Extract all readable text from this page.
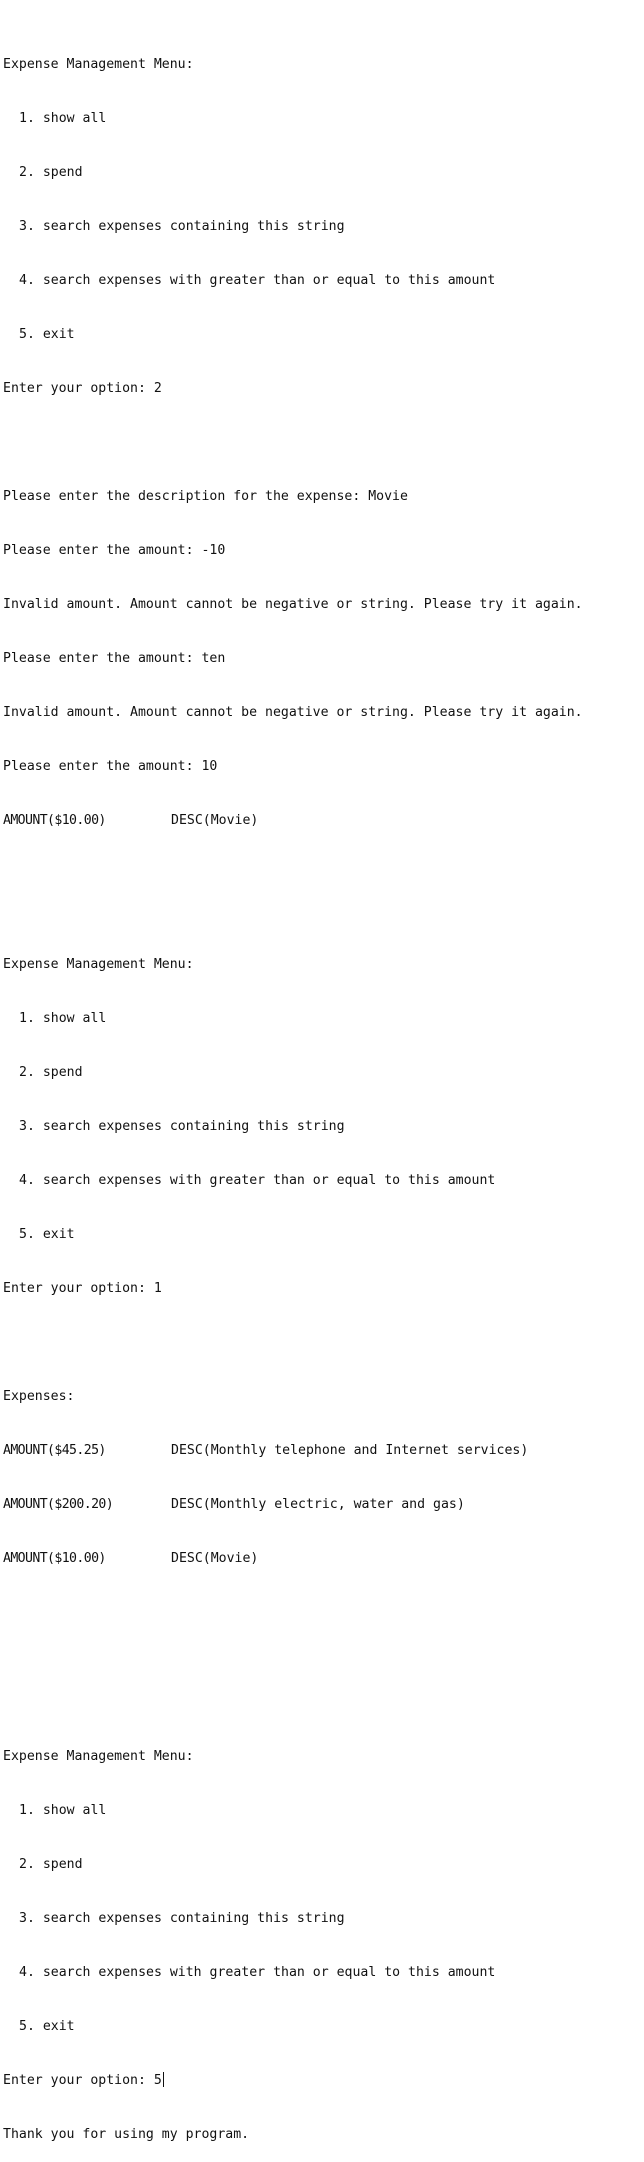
Expense Management Menu:

1. show all

2. spend

3. search expenses containing this string

4. search expenses with greater than or equal to this amount

5. exit

Enter your option: 2

Please enter the description for the expense: Movie

Please enter the amount: -10

Invalid amount. Amount cannot be negative or string. Please try it again.

Please enter the amount: ten

Invalid amount. Amount cannot be negative or string. Please try it again.

Please enter the amount: 10

AMOUNT($10.00)	DESC(Movie)

Expense Management Menu:

1. show all

2. spend

3. search expenses containing this string

4. search expenses with greater than or equal to this amount

5. exit

Enter your option: 1

Expenses:

AMOUNT($45.25)	DESC(Monthly telephone and Internet services)

AMOUNT($200.20)	DESC(Monthly electric, water and gas)

AMOUNT($10.00)	DESC(Movie)

Expense Management Menu:

1. show all

2. spend

3. search expenses containing this string

4. search expenses with greater than or equal to this amount

5. exit

Enter your option: 5

Thank you for using my program.
